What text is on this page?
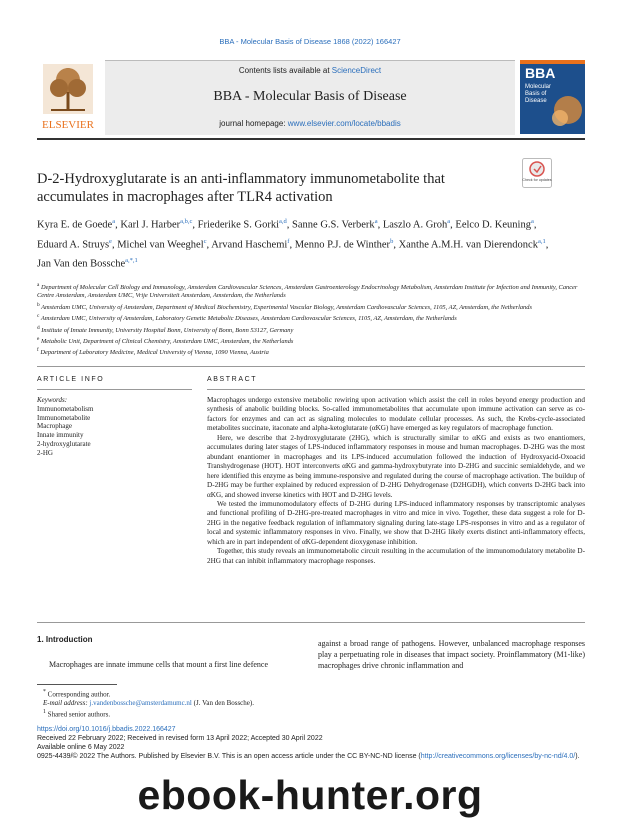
BBA - Molecular Basis of Disease 1868 (2022) 166427
ELSEVIER
Contents lists available at ScienceDirect
BBA - Molecular Basis of Disease
journal homepage: www.elsevier.com/locate/bbadis
BBA
Molecular
Basis of
Disease
Check for updates
D-2-Hydroxyglutarate is an anti-inflammatory immunometabolite that accumulates in macrophages after TLR4 activation
Kyra E. de Goede$^a$, Karl J. Harber$^{a,b,c}$, Friederike S. Gorki$^{a,d}$, Sanne G.S. Verberk$^a$, Laszlo A. Groh$^a$, Eelco D. Keuning$^a$, Eduard A. Struys$^e$, Michel van Weeghel$^c$, Arvand Haschemi$^f$, Menno P.J. de Winther$^b$, Xanthe A.M.H. van Dierendonck$^{a,1}$, Jan Van den Bossche$^{a,*,1}$
$^a$ Department of Molecular Cell Biology and Immunology, Amsterdam Cardiovascular Sciences, Amsterdam Gastroenterology Endocrinology Metabolism, Amsterdam Institute for Infection and Immunity, Cancer Centre Amsterdam, Amsterdam UMC, Vrije Universiteit Amsterdam, Amsterdam, the Netherlands
$^b$ Amsterdam UMC, University of Amsterdam, Department of Medical Biochemistry, Experimental Vascular Biology, Amsterdam Cardiovascular Sciences, 1105, AZ, Amsterdam, the Netherlands
$^c$ Amsterdam UMC, University of Amsterdam, Laboratory Genetic Metabolic Diseases, Amsterdam Cardiovascular Sciences, 1105, AZ, Amsterdam, the Netherlands
$^d$ Institute of Innate Immunity, University Hospital Bonn, University of Bonn, Bonn 53127, Germany
$^e$ Metabolic Unit, Department of Clinical Chemistry, Amsterdam UMC, Amsterdam, the Netherlands
$^f$ Department of Laboratory Medicine, Medical University of Vienna, 1090 Vienna, Austria
ARTICLE INFO	ABSTRACT
Keywords:
Immunometabolism
Immunometabolite
Macrophage
Innate immunity
2-hydroxyglutarate
2-HG

Macrophages undergo extensive metabolic rewiring upon activation which assist the cell in roles beyond energy production and synthesis of anabolic building blocks. So-called immunometabolites that accumulate upon immune activation can serve as co-factors for enzymes and can act as signaling molecules to modulate cellular processes. As such, the Krebs-cycle-associated metabolites succinate, itaconate and alpha-ketoglutarate (αKG) have emerged as key regulators of macrophage function.

Here, we describe that 2-hydroxyglutarate (2HG), which is structurally similar to αKG and exists as two enantiomers, accumulates during later stages of LPS-induced inflammatory responses in mouse and human macrophages. D-2HG was the most abundant enantiomer in macrophages and its LPS-induced accumulation followed the induction of Hydroxyacid-Oxoacid Transhydrogenase (HOT). HOT interconverts αKG and gamma-hydroxybutyrate into D-2HG and succinic semialdehyde, and we here identified this enzyme as being immune-responsive and regulated during the course of macrophage activation. The buildup of D-2HG may be further explained by reduced expression of D-2HG Dehydrogenase (D2HGDH), which converts D-2HG back into αKG, and showed inverse kinetics with HOT and D-2HG levels.

We tested the immunomodulatory effects of D-2HG during LPS-induced inflammatory responses by transcriptomic analyses and functional profiling of D-2HG-pre-treated macrophages in vitro and mice in vivo. Together, these data suggest a role for D-2HG in the negative feedback regulation of inflammatory signaling during late-stage LPS-responses in vitro and as a regulator of local and systemic inflammatory responses in vivo. Finally, we show that D-2HG likely exerts distinct anti-inflammatory effects, which are in part independent of αKG-dependent dioxygenase inhibition.

Together, this study reveals an immunometabolic circuit resulting in the accumulation of the immunomodulatory metabolite D-2HG that can inhibit inflammatory macrophage responses.

1. Introduction

Macrophages are innate immune cells that mount a first line defence

against a broad range of pathogens. However, unbalanced macrophage responses play a perpetuating role in diseases that impact society. Proinflammatory (M1-like) macrophages drive chronic inflammation and
* Corresponding author.
E-mail address: j.vandenbossche@amsterdamumc.nl (J. Van den Bossche).
$^1$ Shared senior authors.
https://doi.org/10.1016/j.bbadis.2022.166427
Received 22 February 2022; Received in revised form 13 April 2022; Accepted 30 April 2022
Available online 6 May 2022
0925-4439/© 2022 The Authors. Published by Elsevier B.V. This is an open access article under the CC BY-NC-ND license (http://creativecommons.org/licenses/by-nc-nd/4.0/).
ebook-hunter.org
